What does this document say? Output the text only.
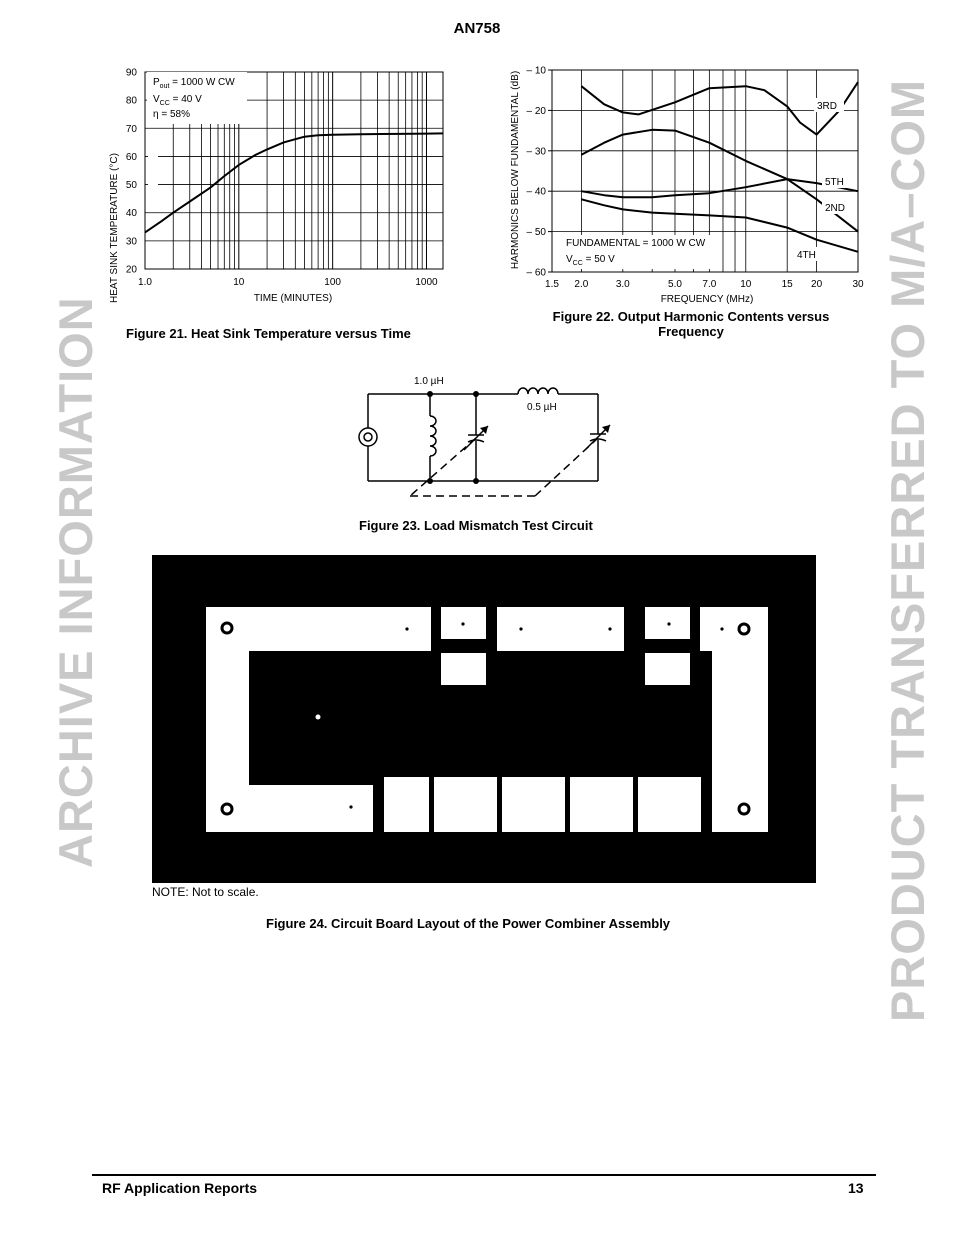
ARCHIVE INFORMATION	PRODUCT TRANSFERRED TO M/A–COM
AN758
20
30
40
50
60
70
80
90
1.0	10	100	1000
HEAT SINK TEMPERATURE (°C)	TIME (MINUTES)
$P_{out} = 1000$ W CW
$V_{CC} = 40$ V
η = 58%
Figure 21. Heat Sink Temperature versus Time
– 10
– 20
– 30
– 40
– 50
– 60
1.5 2.0	3.0	5.0 7.0 10	15 20	30
HARMONICS BELOW FUNDAMENTAL (dB)
FREQUENCY (MHz)
FUNDAMENTAL = 1000 W CW
$V_{CC} = 50$ V
3RD
5TH
2ND
4TH
Figure 22. Output Harmonic Contents versus
Frequency
1.0 µH
0.5 µH
Figure 23. Load Mismatch Test Circuit
NOTE: Not to scale.
Figure 24. Circuit Board Layout of the Power Combiner Assembly
RF Application Reports	13
